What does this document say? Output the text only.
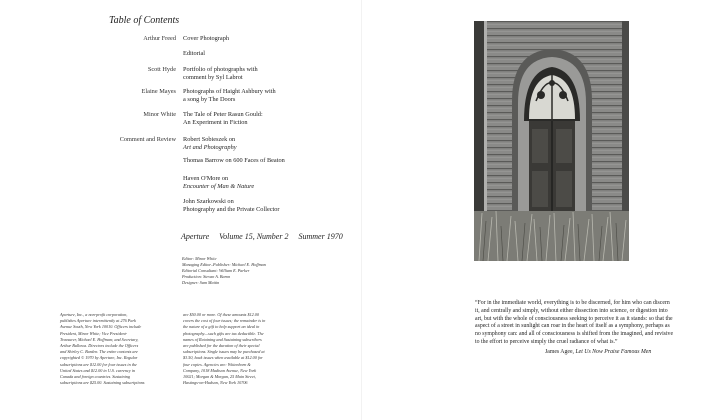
Table of Contents
Arthur Freed Cover Photograph
Editorial
Scott Hyde Portfolio of photographs with
comment by Syl Labrot
Elaine Mayes Photographs of Haight Ashbury with
a song by The Doors
Minor White The Tale of Peter Rasun Gould:
An Experiment in Fiction
Comment and Review Robert Sobieszek on
Art and Photography
Thomas Barrow on 600 Faces of Beaton
Haven O'More on
Encounter of Man & Nature
John Szarkowski on
Photography and the Private Collector
Aperture Volume 15, Number 2 Summer 1970
Editor: Minor White
Managing Editor–Publisher: Michael E. Hoffman
Editorial Consultant: William E. Parker
Production: Stevan A. Baron
Designer: Sam Maitin
Aperture, Inc., a non-profit corporation,
publishes Aperture intermittently at 276 Park
Avenue South, New York 10010. Officers include
President, Minor White; Vice President-
Treasurer, Michael E. Hoffman; and Secretary,
Arthur Bullowa. Directors include the Officers
and Shirley C. Burden. The entire contents are
copyrighted © 1970 by Aperture, Inc. Regular
subscriptions are $12.00 for four issues in the
United States and $12.00 in U.S. currency in
Canada and foreign countries. Sustaining
subscriptions are $25.00. Sustaining subscriptions
are $50.00 or more. Of these amounts $12.00
covers the cost of four issues; the remainder is in
the nature of a gift to help support an ideal in
photography—such gifts are tax deductible. The
names of Retaining and Sustaining subscribers
are published for the duration of their special
subscriptions. Single issues may be purchased at
$3.50, back issues when available at $12.00 for
four copies. Agencies are: Wittenborn &
Company, 1018 Madison Avenue, New York
10021; Morgan & Morgan, 25 Main Street,
Hastings-on-Hudson, New York 10706
“For in the immediate world, everything is to be discerned, for him who can discern it, and centrally and simply, without either dissection into science, or digestion into art, but with the whole of consciousness seeking to perceive it as it stands: so that the aspect of a street in sunlight can roar in the heart of itself as a symphony, perhaps as no symphony can: and all of consciousness is shifted from the imagined, and revisive to the effort to perceive simply the cruel radiance of what is.”
James Agee, Let Us Now Praise Famous Men
